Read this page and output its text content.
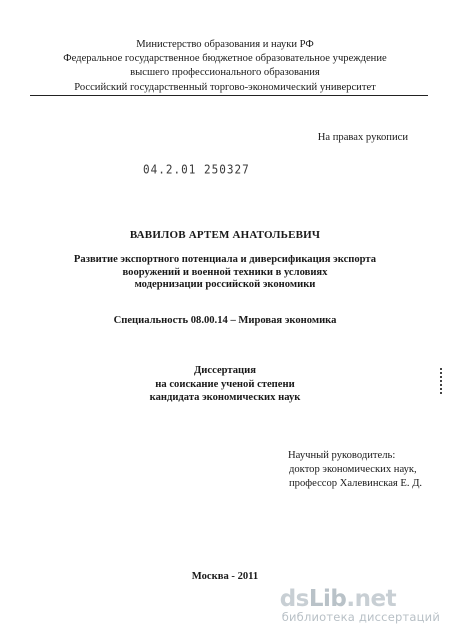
Министерство образования и науки РФ
Федеральное государственное бюджетное образовательное учреждение
высшего профессионального образования
Российский государственный торгово-экономический университет
На правах рукописи
04.2.01 250327
ВАВИЛОВ АРТЕМ АНАТОЛЬЕВИЧ
Развитие экспортного потенциала и диверсификация экспорта
вооружений и военной техники в условиях
модернизации российской экономики
Специальность 08.00.14 – Мировая экономика
Диссертация
на соискание ученой степени
кандидата экономических наук
Научный руководитель:
доктор экономических наук,
профессор Халевинская Е. Д.
Москва - 2011
dsLib.net
библиотека диссертаций
